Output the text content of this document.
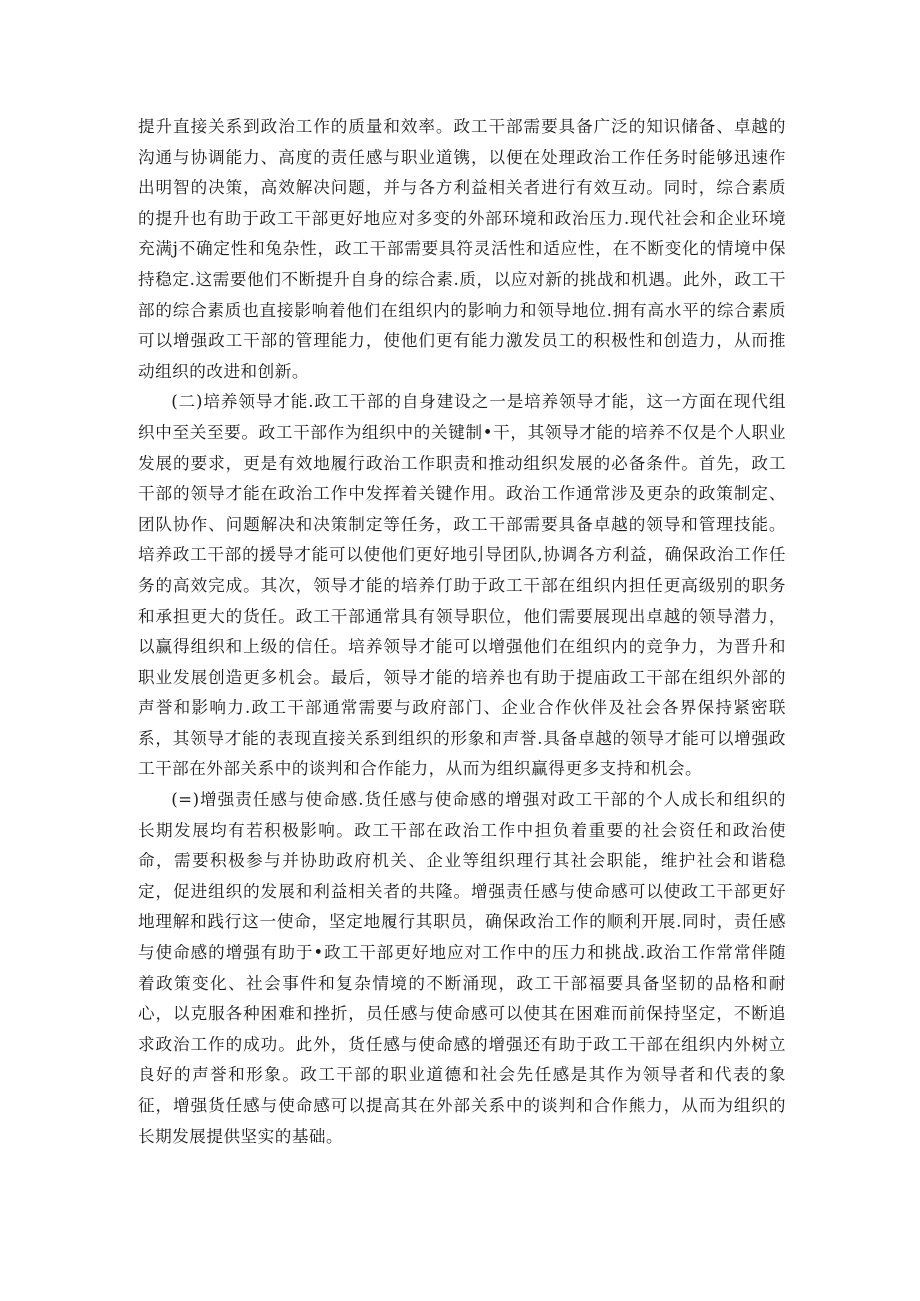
提升直接关系到政治工作的质量和效率。政工干部需要具备广泛的知识储备、卓越的沟通与协调能力、高度的责任感与职业道镌，以便在处理政治工作任务时能够迅速作出明智的决策，高效解决问题，并与各方利益相关者进行有效互动。同时，综合素质的提升也有助于政工干部更好地应对多变的外部环境和政治压力.现代社会和企业环境充满j不确定性和兔杂性，政工干部需要具符灵活性和适应性，在不断变化的情境中保持稳定.这需要他们不断提升自身的综合素.质，以应对新的挑战和机遇。此外，政工干部的综合素质也直接影响着他们在组织内的影响力和领导地位.拥有高水平的综合素质可以增强政工干部的管理能力，使他们更有能力激发员工的积极性和创造力，从而推动组织的改进和创新。

(二)培养领导才能.政工干部的自身建设之一是培养领导才能，这一方面在现代组织中至关至要。政工干部作为组织中的关键制•干，其领导才能的培养不仅是个人职业发展的要求，更是有效地履行政治工作职责和推动组织发展的必备条件。首先，政工干部的领导才能在政治工作中发挥着关键作用。政治工作通常涉及更杂的政策制定、团队协作、问题解决和决策制定等任务，政工干部需要具备卓越的领导和管理技能。培养政工干部的援导才能可以使他们更好地引导团队,协调各方利益，确保政治工作任务的高效完成。其次，领导才能的培养仃助于政工干部在组织内担任更高级别的职务和承担更大的货任。政工干部通常具有领导职位，他们需要展现出卓越的领导潜力，以赢得组织和上级的信任。培养领导才能可以增强他们在组织内的竞争力，为晋升和职业发展创造更多机会。最后，领导才能的培养也有助于提庙政工干部在组织外部的声誉和影响力.政工干部通常需要与政府部门、企业合作伙伴及社会各界保持紧密联系，其领导才能的表现直接关系到组织的形象和声誉.具备卓越的领导才能可以增强政工干部在外部关系中的谈判和合作能力，从而为组织赢得更多支持和机会。

(=)增强责任感与使命感.货任感与使命感的增强对政工干部的个人成长和组织的长期发展均有若积极影响。政工干部在政治工作中担负着重要的社会资任和政治使命，需要积极参与并协助政府机关、企业等组织理行其社会职能，维护社会和谐稳定，促进组织的发展和利益相关者的共隆。增强责任感与使命感可以使政工干部更好地理解和践行这一使命，坚定地履行其职员，确保政治工作的顺利开展.同时，责任感与使命感的增强有助于•政工干部更好地应对工作中的压力和挑战.政治工作常常伴随着政策变化、社会事件和复杂情境的不断涌现，政工干部福要具备坚韧的品格和耐心，以克服各种困难和挫折，员任感与使命感可以使其在困难而前保持坚定，不断追求政治工作的成功。此外，货任感与使命感的增强还有助于政工干部在组织内外树立良好的声誉和形象。政工干部的职业道德和社会先任感是其作为领导者和代表的象征，增强货任感与使命感可以提高其在外部关系中的谈判和合作熊力，从而为组织的长期发展提供坚实的基础。
